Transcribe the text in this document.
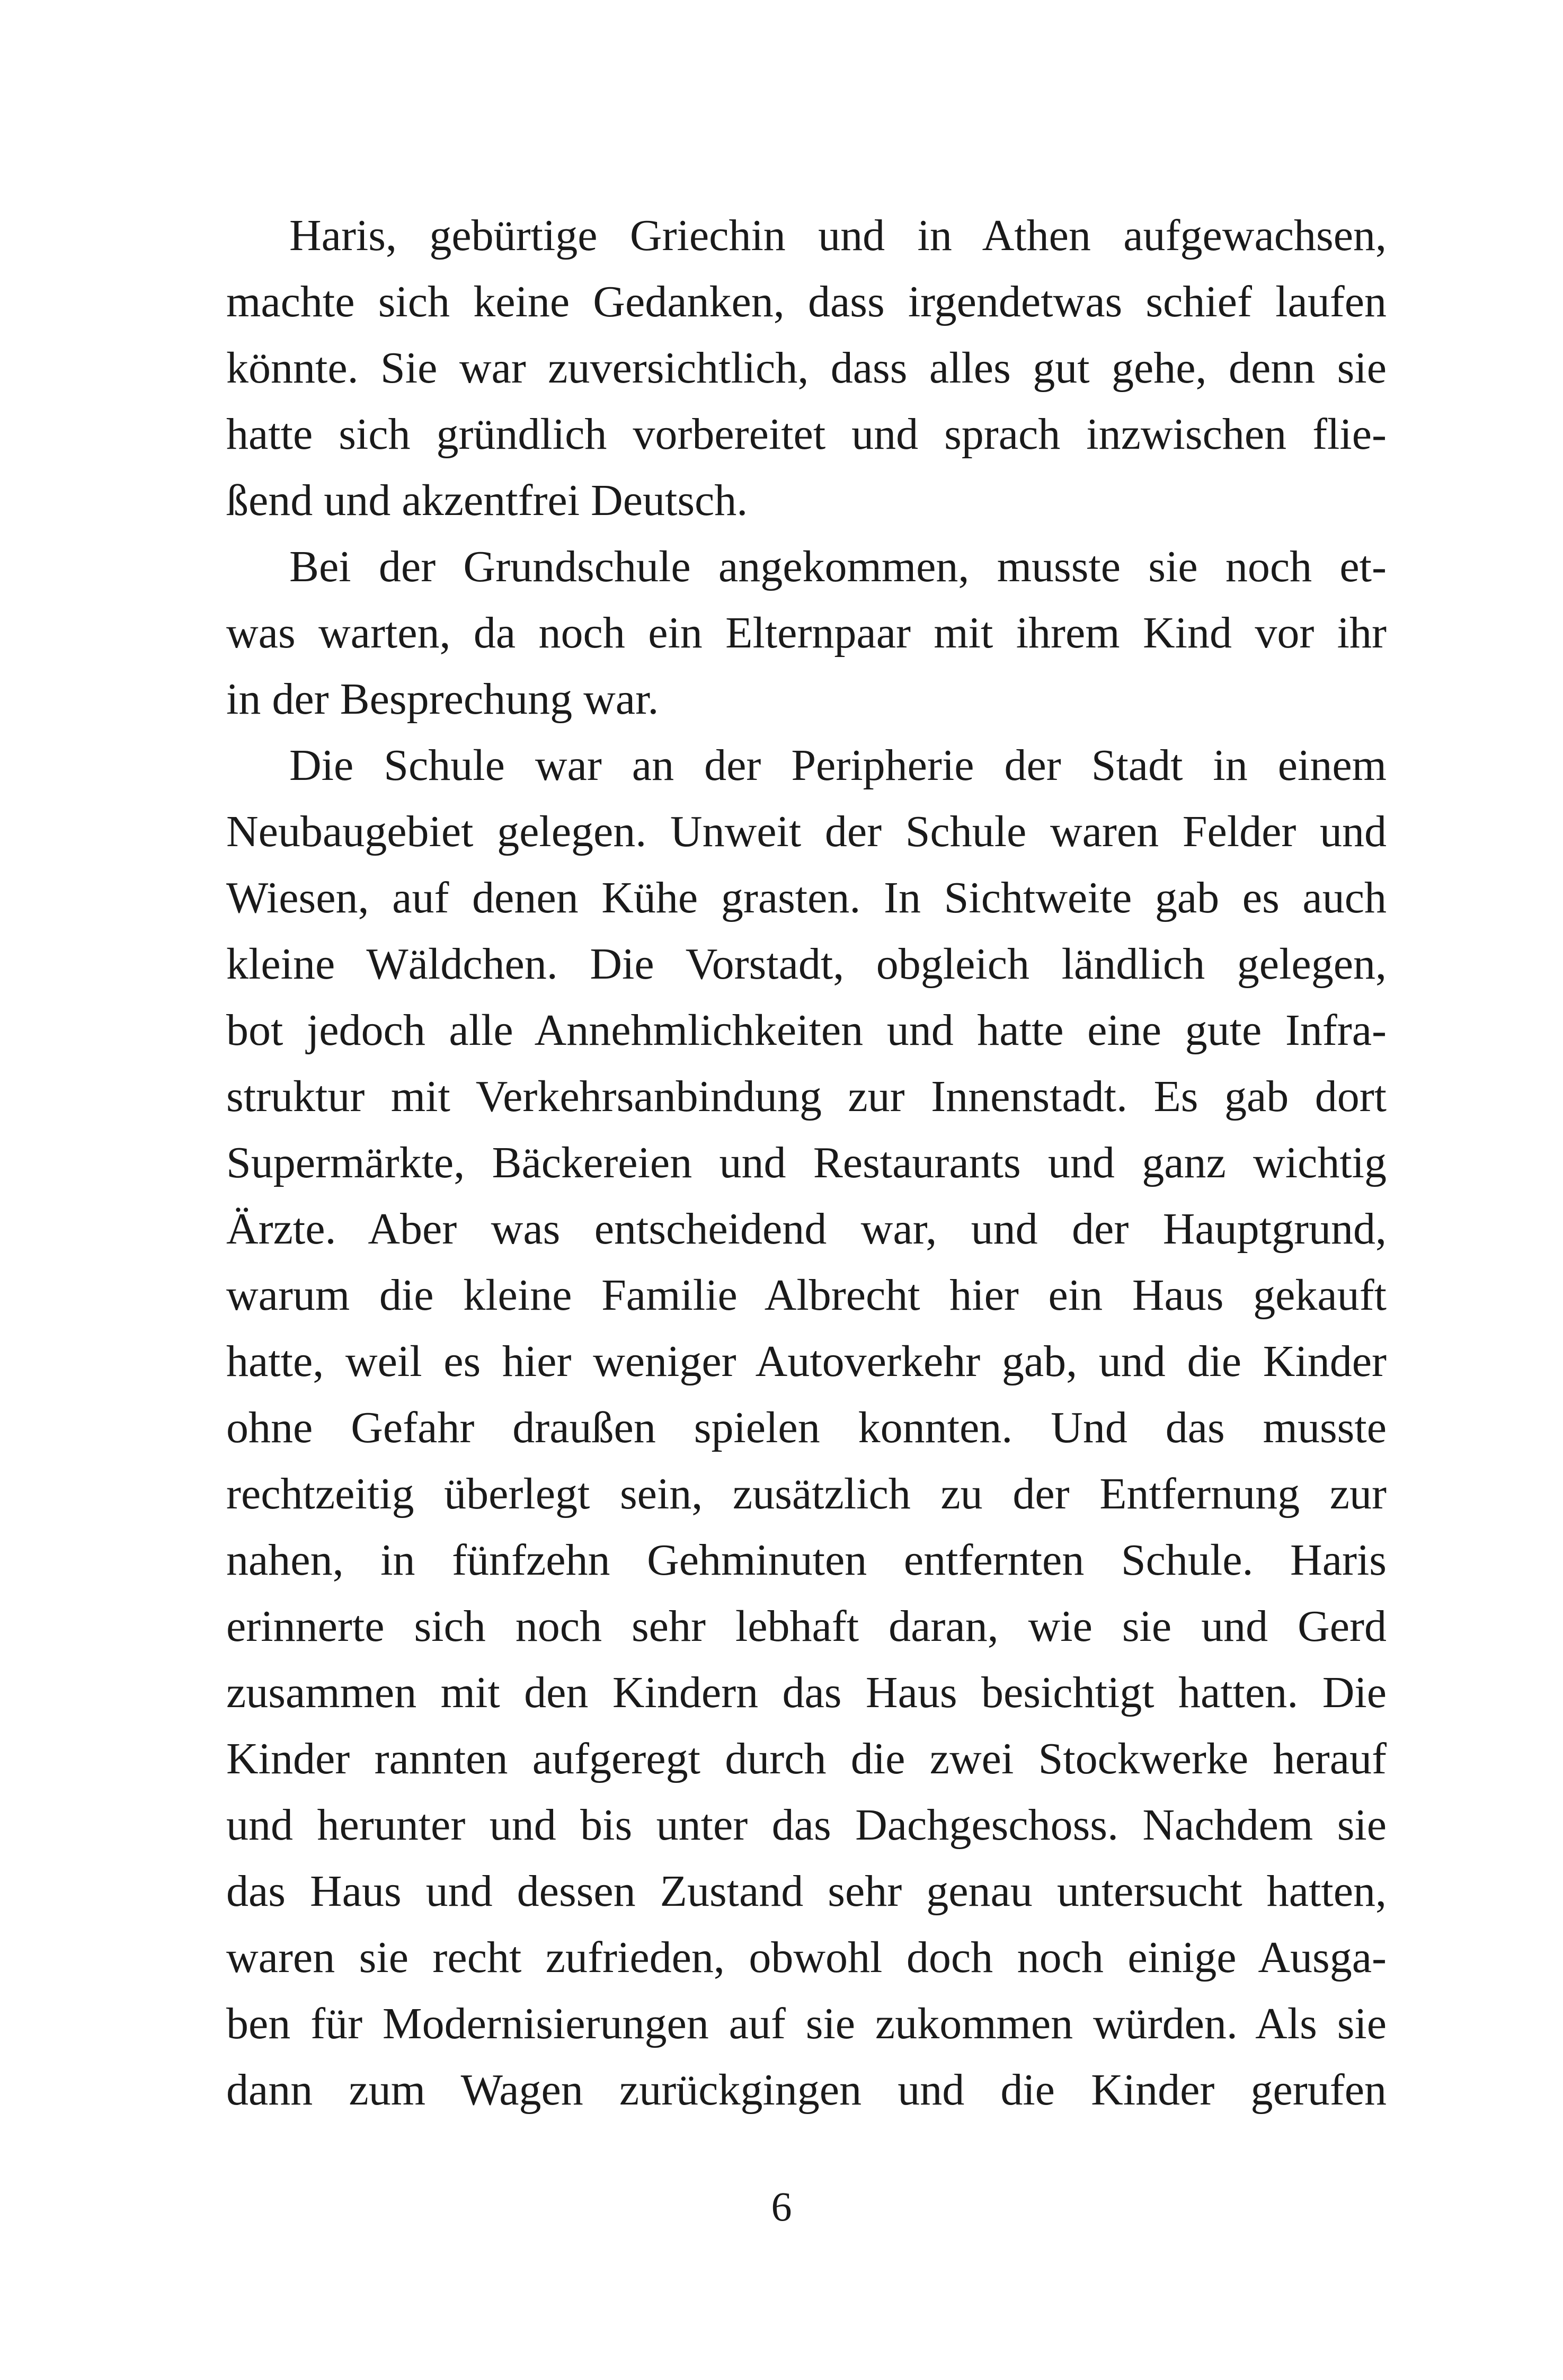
Haris, gebürtige Griechin und in Athen aufgewachsen,
machte sich keine Gedanken, dass irgendetwas schief laufen
könnte. Sie war zuversichtlich, dass alles gut gehe, denn sie
hatte sich gründlich vorbereitet und sprach inzwischen flie-
ßend und akzentfrei Deutsch.

Bei der Grundschule angekommen, musste sie noch et-
was warten, da noch ein Elternpaar mit ihrem Kind vor ihr
in der Besprechung war.

Die Schule war an der Peripherie der Stadt in einem
Neubaugebiet gelegen. Unweit der Schule waren Felder und
Wiesen, auf denen Kühe grasten. In Sichtweite gab es auch
kleine Wäldchen. Die Vorstadt, obgleich ländlich gelegen,
bot jedoch alle Annehmlichkeiten und hatte eine gute Infra-
struktur mit Verkehrsanbindung zur Innenstadt. Es gab dort
Supermärkte, Bäckereien und Restaurants und ganz wichtig
Ärzte. Aber was entscheidend war, und der Hauptgrund,
warum die kleine Familie Albrecht hier ein Haus gekauft
hatte, weil es hier weniger Autoverkehr gab, und die Kinder
ohne Gefahr draußen spielen konnten. Und das musste
rechtzeitig überlegt sein, zusätzlich zu der Entfernung zur
nahen, in fünfzehn Gehminuten entfernten Schule. Haris
erinnerte sich noch sehr lebhaft daran, wie sie und Gerd
zusammen mit den Kindern das Haus besichtigt hatten. Die
Kinder rannten aufgeregt durch die zwei Stockwerke herauf
und herunter und bis unter das Dachgeschoss. Nachdem sie
das Haus und dessen Zustand sehr genau untersucht hatten,
waren sie recht zufrieden, obwohl doch noch einige Ausga-
ben für Modernisierungen auf sie zukommen würden. Als sie
dann zum Wagen zurückgingen und die Kinder gerufen

6
